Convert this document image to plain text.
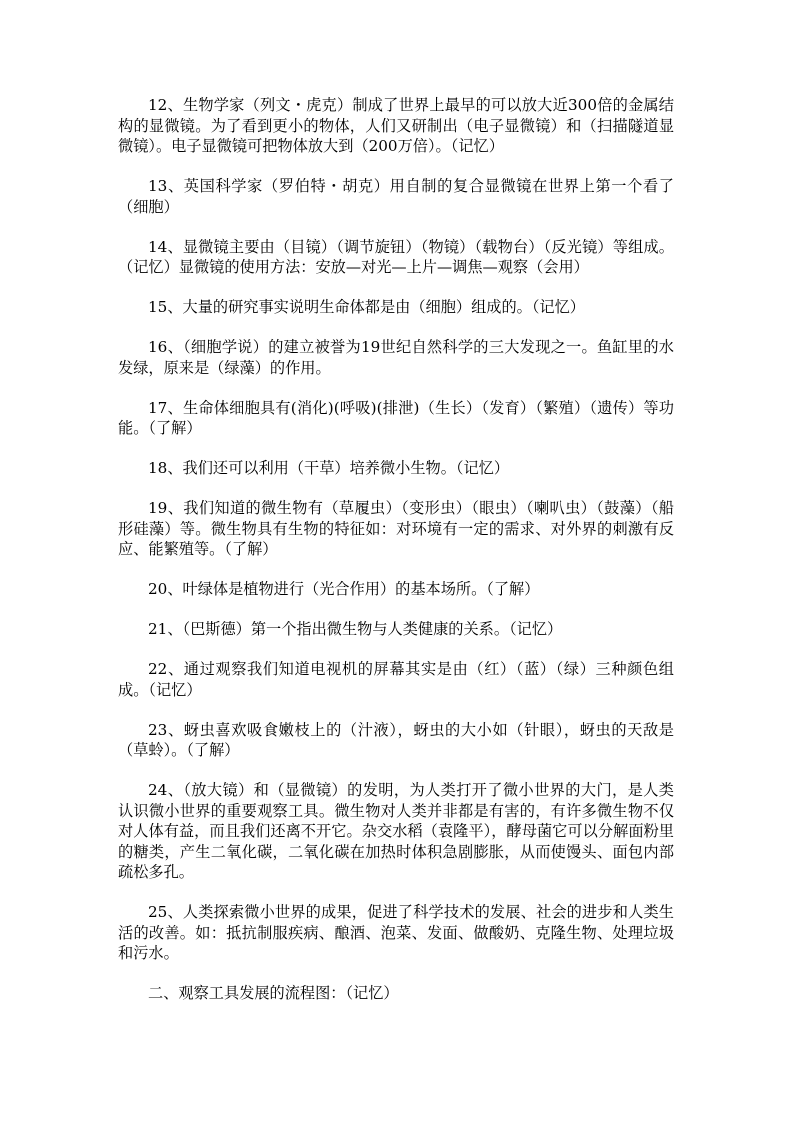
12、生物学家（列文・虎克）制成了世界上最早的可以放大近300倍的金属结构的显微镜。为了看到更小的物体，人们又研制出（电子显微镜）和（扫描隧道显微镜）。电子显微镜可把物体放大到（200万倍）。（记忆）

13、英国科学家（罗伯特・胡克）用自制的复合显微镜在世界上第一个看了（细胞）

14、显微镜主要由（目镜）（调节旋钮）（物镜）（载物台）（反光镜）等组成。（记忆）显微镜的使用方法：安放—对光—上片—调焦—观察（会用）

15、大量的研究事实说明生命体都是由（细胞）组成的。（记忆）

16、（细胞学说）的建立被誉为19世纪自然科学的三大发现之一。鱼缸里的水发绿，原来是（绿藻）的作用。

17、生命体细胞具有(消化)(呼吸)(排泄)（生长）（发育）（繁殖）（遗传）等功能。（了解）

18、我们还可以利用（干草）培养微小生物。（记忆）

19、我们知道的微生物有（草履虫）（变形虫）（眼虫）（喇叭虫）（鼓藻）（船形硅藻）等。微生物具有生物的特征如：对环境有一定的需求、对外界的刺激有反应、能繁殖等。（了解）

20、叶绿体是植物进行（光合作用）的基本场所。（了解）

21、（巴斯德）第一个指出微生物与人类健康的关系。（记忆）

22、通过观察我们知道电视机的屏幕其实是由（红）（蓝）（绿）三种颜色组成。（记忆）

23、蚜虫喜欢吸食嫩枝上的（汁液），蚜虫的大小如（针眼），蚜虫的天敌是（草蛉）。（了解）

24、（放大镜）和（显微镜）的发明，为人类打开了微小世界的大门，是人类认识微小世界的重要观察工具。微生物对人类并非都是有害的，有许多微生物不仅对人体有益，而且我们还离不开它。杂交水稻（袁隆平），酵母菌它可以分解面粉里的糖类，产生二氧化碳，二氧化碳在加热时体积急剧膨胀，从而使馒头、面包内部疏松多孔。

25、人类探索微小世界的成果，促进了科学技术的发展、社会的进步和人类生活的改善。如：抵抗制服疾病、酿酒、泡菜、发面、做酸奶、克隆生物、处理垃圾和污水。

二、观察工具发展的流程图：（记忆）
